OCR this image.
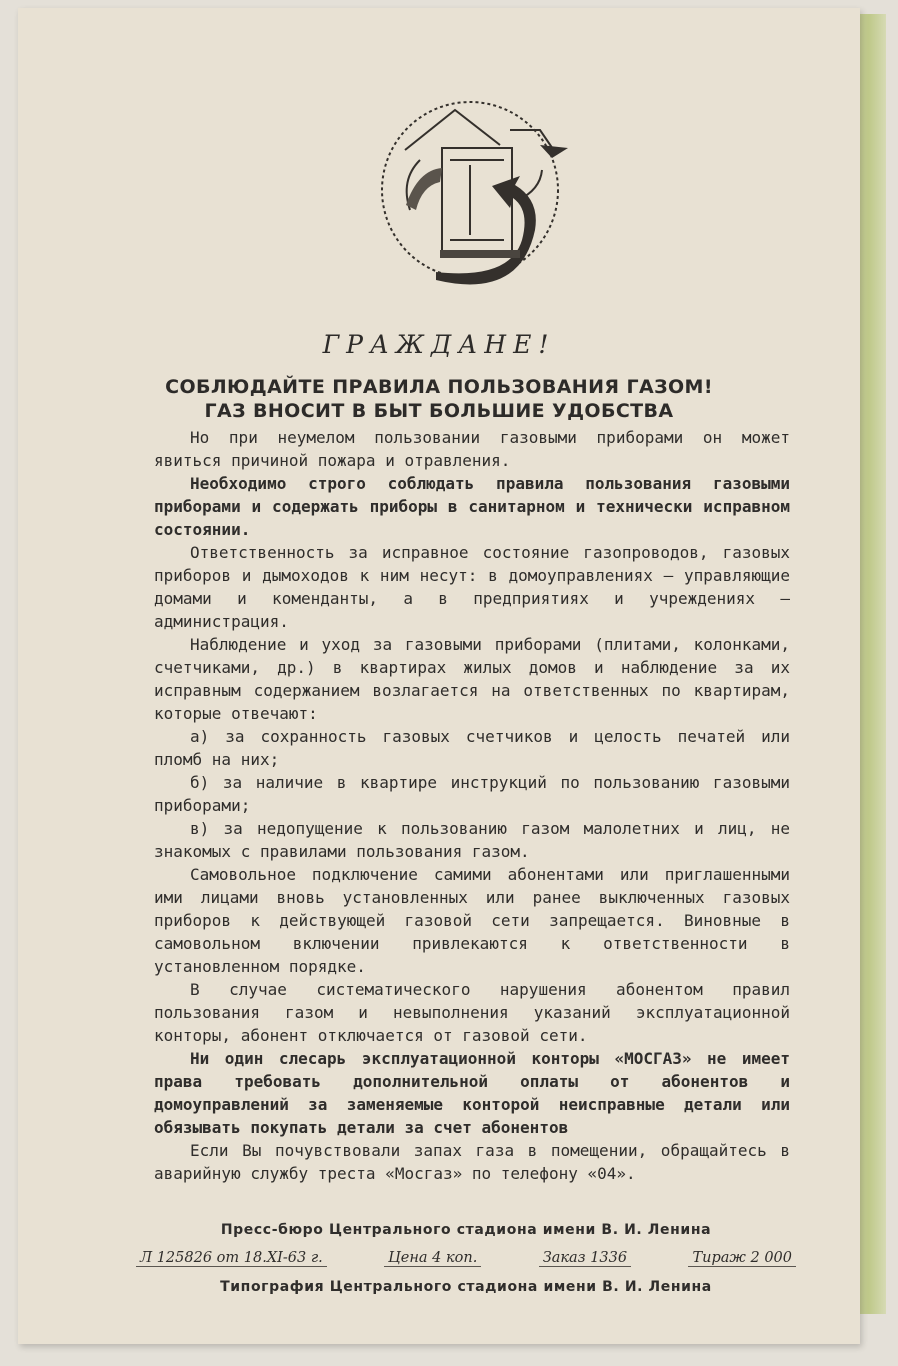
ГРАЖДАНЕ!
СОБЛЮДАЙТЕ ПРАВИЛА ПОЛЬЗОВАНИЯ ГАЗОМ!
ГАЗ ВНОСИТ В БЫТ БОЛЬШИЕ УДОБСТВА

Но при неумелом пользовании газовыми приборами он может явиться причиной пожара и отравления.

Необходимо строго соблюдать правила пользования газовыми приборами и содержать приборы в санитарном и технически исправном состоянии.

Ответственность за исправное состояние газопроводов, газовых приборов и дымоходов к ним несут: в домоуправлениях — управляющие домами и коменданты, а в предприятиях и учреждениях — администрация.

Наблюдение и уход за газовыми приборами (плитами, колонками, счетчиками, др.) в квартирах жилых домов и наблюдение за их исправным содержанием возлагается на ответственных по квартирам, которые отвечают:

а) за сохранность газовых счетчиков и целость печатей или пломб на них;

б) за наличие в квартире инструкций по пользованию газовыми приборами;

в) за недопущение к пользованию газом малолетних и лиц, не знакомых с правилами пользования газом.

Самовольное подключение самими абонентами или приглашенными ими лицами вновь установленных или ранее выключенных газовых приборов к действующей газовой сети запрещается. Виновные в самовольном включении привлекаются к ответственности в установленном порядке.

В случае систематического нарушения абонентом правил пользования газом и невыполнения указаний эксплуатационной конторы, абонент отключается от газовой сети.

Ни один слесарь эксплуатационной конторы «МОСГАЗ» не имеет права требовать дополнительной оплаты от абонентов и домоуправлений за заменяемые конторой неисправные детали или обязывать покупать детали за счет абонентов

Если Вы почувствовали запах газа в помещении, обращайтесь в аварийную службу треста «Мосгаз» по телефону «04».

Пресс-бюро Центрального стадиона имени В. И. Ленина
Л 125826 от 18.XI-63 г.	Цена 4 коп.	Заказ 1336	Тираж 2 000
Типография Центрального стадиона имени В. И. Ленина
